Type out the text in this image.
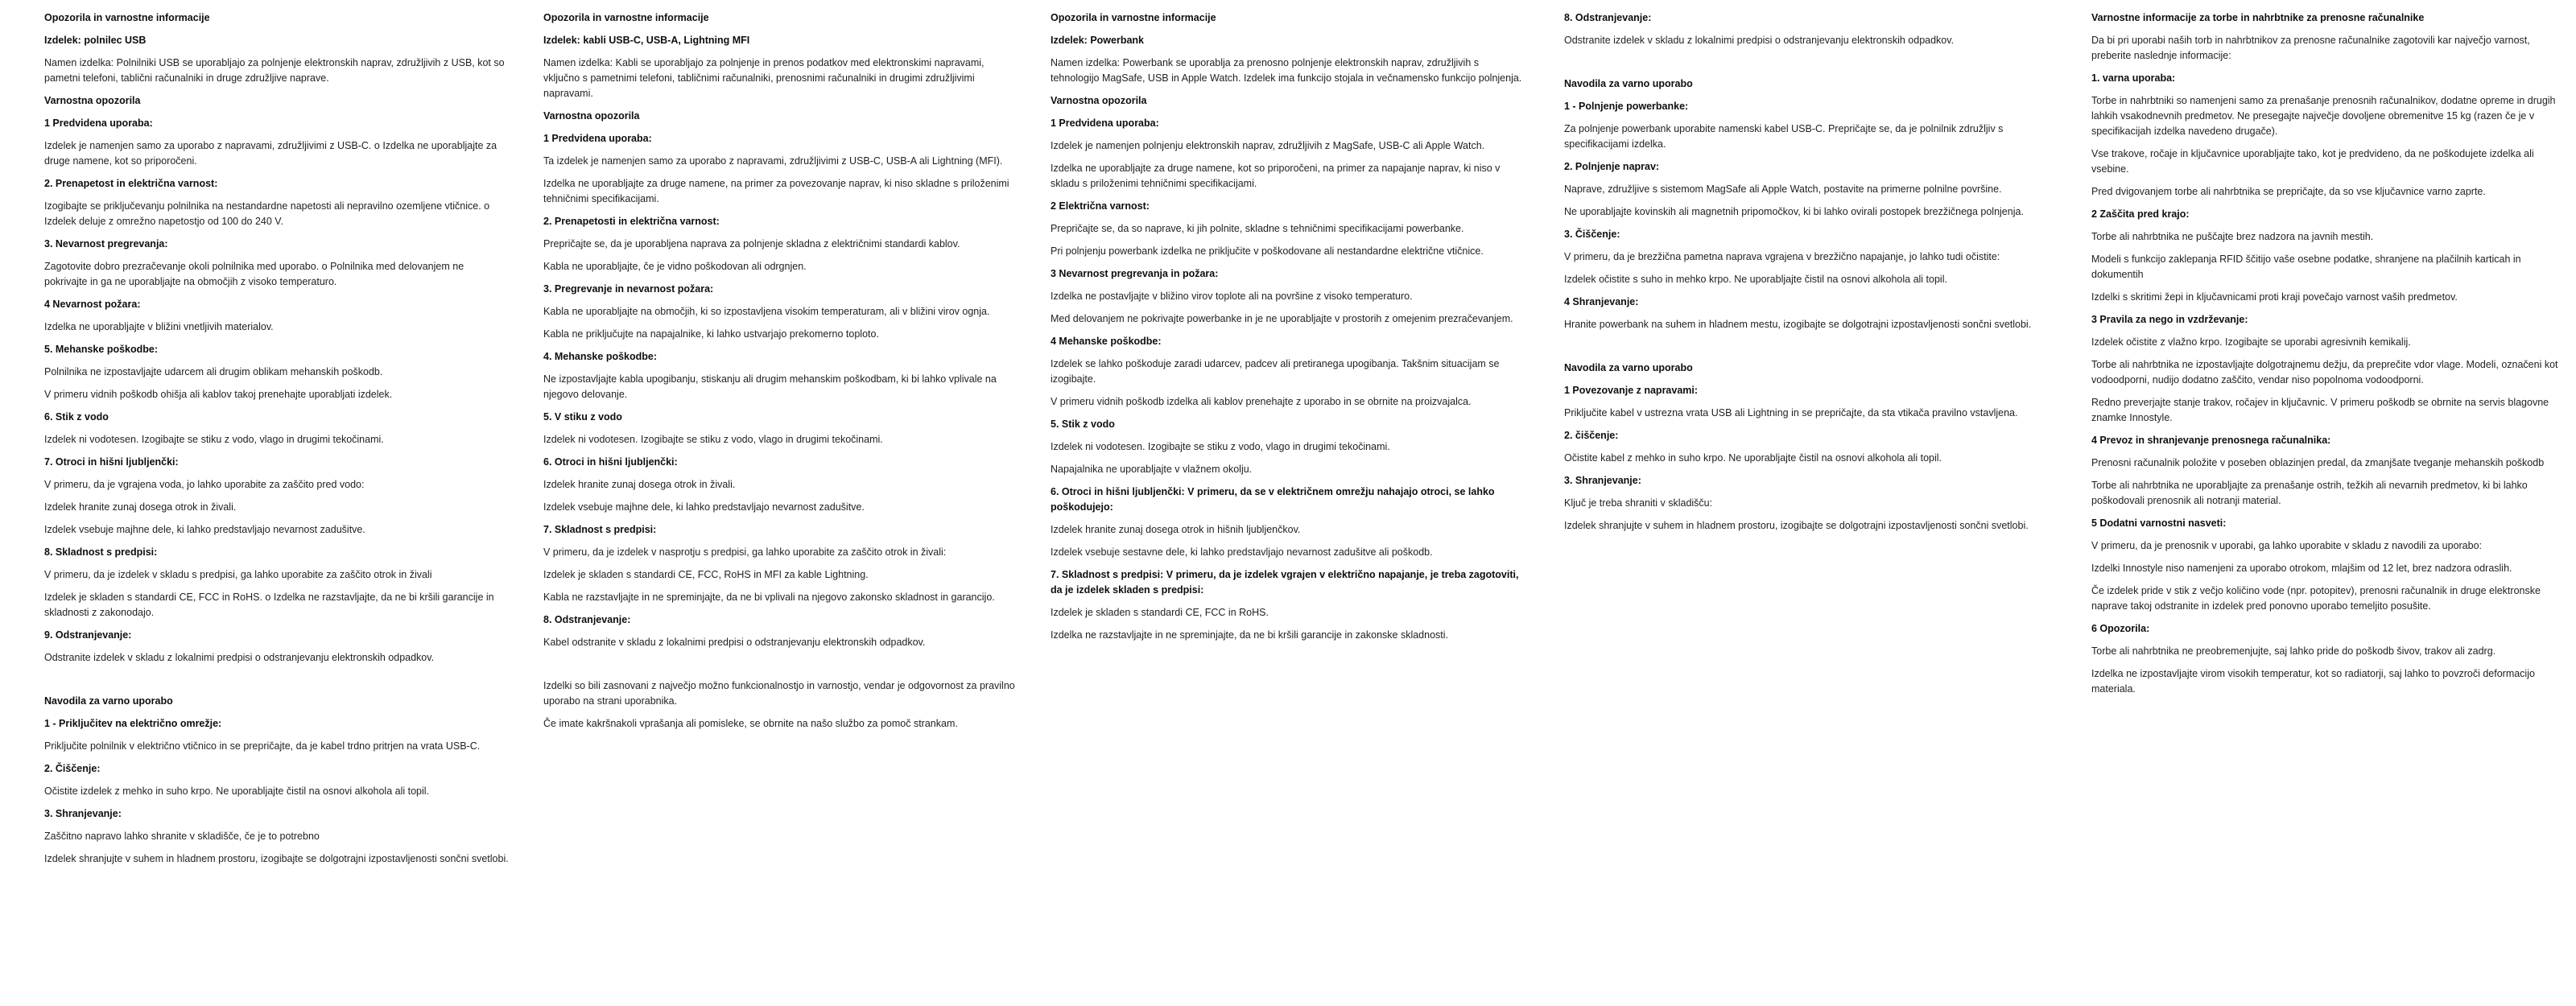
Opozorila in varnostne informacije
Izdelek: polnilec USB
Namen izdelka: Polnilniki USB se uporabljajo za polnjenje elektronskih naprav, združljivih z USB, kot so pametni telefoni, tablični računalniki in druge združljive naprave.
Varnostna opozorila
1 Predvidena uporaba:
Izdelek je namenjen samo za uporabo z napravami, združljivimi z USB-C. o Izdelka ne uporabljajte za druge namene, kot so priporočeni.
2. Prenapetost in električna varnost:
Izogibajte se priključevanju polnilnika na nestandardne napetosti ali nepravilno ozemljene vtičnice. o Izdelek deluje z omrežno napetostjo od 100 do 240 V.
3. Nevarnost pregrevanja:
Zagotovite dobro prezračevanje okoli polnilnika med uporabo. o Polnilnika med delovanjem ne pokrivajte in ga ne uporabljajte na območjih z visoko temperaturo.
4 Nevarnost požara:
Izdelka ne uporabljajte v bližini vnetljivih materialov.
5. Mehanske poškodbe:
Polnilnika ne izpostavljajte udarcem ali drugim oblikam mehanskih poškodb.
V primeru vidnih poškodb ohišja ali kablov takoj prenehajte uporabljati izdelek.
6. Stik z vodo
Izdelek ni vodotesen. Izogibajte se stiku z vodo, vlago in drugimi tekočinami.
7. Otroci in hišni ljubljenčki:
V primeru, da je vgrajena voda, jo lahko uporabite za zaščito pred vodo:
Izdelek hranite zunaj dosega otrok in živali.
Izdelek vsebuje majhne dele, ki lahko predstavljajo nevarnost zadušitve.
8. Skladnost s predpisi:
V primeru, da je izdelek v skladu s predpisi, ga lahko uporabite za zaščito otrok in živali
Izdelek je skladen s standardi CE, FCC in RoHS. o Izdelka ne razstavljajte, da ne bi kršili garancije in skladnosti z zakonodajo.
9. Odstranjevanje:
Odstranite izdelek v skladu z lokalnimi predpisi o odstranjevanju elektronskih odpadkov.
Navodila za varno uporabo
1 - Priključitev na električno omrežje:
Priključite polnilnik v električno vtičnico in se prepričajte, da je kabel trdno pritrjen na vrata USB-C.
2. Čiščenje:
Očistite izdelek z mehko in suho krpo. Ne uporabljajte čistil na osnovi alkohola ali topil.
3. Shranjevanje:
Zaščitno napravo lahko shranite v skladišče, če je to potrebno
Izdelek shranjujte v suhem in hladnem prostoru, izogibajte se dolgotrajni izpostavljenosti sončni svetlobi.
Opozorila in varnostne informacije
Izdelek: kabli USB-C, USB-A, Lightning MFI
Namen izdelka: Kabli se uporabljajo za polnjenje in prenos podatkov med elektronskimi napravami, vključno s pametnimi telefoni, tabličnimi računalniki, prenosnimi računalniki in drugimi združljivimi napravami.
Varnostna opozorila
1 Predvidena uporaba:
Ta izdelek je namenjen samo za uporabo z napravami, združljivimi z USB-C, USB-A ali Lightning (MFI).
Izdelka ne uporabljajte za druge namene, na primer za povezovanje naprav, ki niso skladne s priloženimi tehničnimi specifikacijami.
2. Prenapetosti in električna varnost:
Prepričajte se, da je uporabljena naprava za polnjenje skladna z električnimi standardi kablov.
Kabla ne uporabljajte, če je vidno poškodovan ali odrgnjen.
3. Pregrevanje in nevarnost požara:
Kabla ne uporabljajte na območjih, ki so izpostavljena visokim temperaturam, ali v bližini virov ognja.
Kabla ne priključujte na napajalnike, ki lahko ustvarjajo prekomerno toploto.
4. Mehanske poškodbe:
Ne izpostavljajte kabla upogibanju, stiskanju ali drugim mehanskim poškodbam, ki bi lahko vplivale na njegovo delovanje.
5. V stiku z vodo
Izdelek ni vodotesen. Izogibajte se stiku z vodo, vlago in drugimi tekočinami.
6. Otroci in hišni ljubljenčki:
Izdelek hranite zunaj dosega otrok in živali.
Izdelek vsebuje majhne dele, ki lahko predstavljajo nevarnost zadušitve.
7. Skladnost s predpisi:
V primeru, da je izdelek v nasprotju s predpisi, ga lahko uporabite za zaščito otrok in živali:
Izdelek je skladen s standardi CE, FCC, RoHS in MFI za kable Lightning.
Kabla ne razstavljajte in ne spreminjajte, da ne bi vplivali na njegovo zakonsko skladnost in garancijo.
8. Odstranjevanje:
Kabel odstranite v skladu z lokalnimi predpisi o odstranjevanju elektronskih odpadkov.
Izdelki so bili zasnovani z največjo možno funkcionalnostjo in varnostjo, vendar je odgovornost za pravilno uporabo na strani uporabnika.
Če imate kakršnakoli vprašanja ali pomisleke, se obrnite na našo službo za pomoč strankam.
Opozorila in varnostne informacije
Izdelek: Powerbank
Namen izdelka: Powerbank se uporablja za prenosno polnjenje elektronskih naprav, združljivih s tehnologijo MagSafe, USB in Apple Watch. Izdelek ima funkcijo stojala in večnamensko funkcijo polnjenja.
Varnostna opozorila
1 Predvidena uporaba:
Izdelek je namenjen polnjenju elektronskih naprav, združljivih z MagSafe, USB-C ali Apple Watch.
Izdelka ne uporabljajte za druge namene, kot so priporočeni, na primer za napajanje naprav, ki niso v skladu s priloženimi tehničnimi specifikacijami.
2 Električna varnost:
Prepričajte se, da so naprave, ki jih polnite, skladne s tehničnimi specifikacijami powerbanke.
Pri polnjenju powerbank izdelka ne priključite v poškodovane ali nestandardne električne vtičnice.
3 Nevarnost pregrevanja in požara:
Izdelka ne postavljajte v bližino virov toplote ali na površine z visoko temperaturo.
Med delovanjem ne pokrivajte powerbanke in je ne uporabljajte v prostorih z omejenim prezračevanjem.
4 Mehanske poškodbe:
Izdelek se lahko poškoduje zaradi udarcev, padcev ali pretiranega upogibanja. Takšnim situacijam se izogibajte.
V primeru vidnih poškodb izdelka ali kablov prenehajte z uporabo in se obrnite na proizvajalca.
5. Stik z vodo
Izdelek ni vodotesen. Izogibajte se stiku z vodo, vlago in drugimi tekočinami.
Napajalnika ne uporabljajte v vlažnem okolju.
6. Otroci in hišni ljubljenčki: V primeru, da se v električnem omrežju nahajajo otroci, se lahko poškodujejo:
Izdelek hranite zunaj dosega otrok in hišnih ljubljenčkov.
Izdelek vsebuje sestavne dele, ki lahko predstavljajo nevarnost zadušitve ali poškodb.
7. Skladnost s predpisi: V primeru, da je izdelek vgrajen v električno napajanje, je treba zagotoviti, da je izdelek skladen s predpisi:
Izdelek je skladen s standardi CE, FCC in RoHS.
Izdelka ne razstavljajte in ne spreminjajte, da ne bi kršili garancije in zakonske skladnosti.
8. Odstranjevanje:
Odstranite izdelek v skladu z lokalnimi predpisi o odstranjevanju elektronskih odpadkov.
Navodila za varno uporabo
1 - Polnjenje powerbanke:
Za polnjenje powerbank uporabite namenski kabel USB-C. Prepričajte se, da je polnilnik združljiv s specifikacijami izdelka.
2. Polnjenje naprav:
Naprave, združljive s sistemom MagSafe ali Apple Watch, postavite na primerne polnilne površine.
Ne uporabljajte kovinskih ali magnetnih pripomočkov, ki bi lahko ovirali postopek brezžičnega polnjenja.
3. Čiščenje:
V primeru, da je brezžična pametna naprava vgrajena v brezžično napajanje, jo lahko tudi očistite:
Izdelek očistite s suho in mehko krpo. Ne uporabljajte čistil na osnovi alkohola ali topil.
4 Shranjevanje:
Hranite powerbank na suhem in hladnem mestu, izogibajte se dolgotrajni izpostavljenosti sončni svetlobi.
Navodila za varno uporabo
1 Povezovanje z napravami:
Priključite kabel v ustrezna vrata USB ali Lightning in se prepričajte, da sta vtikača pravilno vstavljena.
2. čiščenje:
Očistite kabel z mehko in suho krpo. Ne uporabljajte čistil na osnovi alkohola ali topil.
3. Shranjevanje:
Ključ je treba shraniti v skladišču:
Izdelek shranjujte v suhem in hladnem prostoru, izogibajte se dolgotrajni izpostavljenosti sončni svetlobi.
Varnostne informacije za torbe in nahrbtnike za prenosne računalnike
Da bi pri uporabi naših torb in nahrbtnikov za prenosne računalnike zagotovili kar največjo varnost, preberite naslednje informacije:
1. varna uporaba:
Torbe in nahrbtniki so namenjeni samo za prenašanje prenosnih računalnikov, dodatne opreme in drugih lahkih vsakodnevnih predmetov. Ne presegajte največje dovoljene obremenitve 15 kg (razen če je v specifikacijah izdelka navedeno drugače).
Vse trakove, ročaje in ključavnice uporabljajte tako, kot je predvideno, da ne poškodujete izdelka ali vsebine.
Pred dvigovanjem torbe ali nahrbtnika se prepričajte, da so vse ključavnice varno zaprte.
2 Zaščita pred krajo:
Torbe ali nahrbtnika ne puščajte brez nadzora na javnih mestih.
Modeli s funkcijo zaklepanja RFID ščitijo vaše osebne podatke, shranjene na plačilnih karticah in dokumentih
Izdelki s skritimi žepi in ključavnicami proti kraji povečajo varnost vaših predmetov.
3 Pravila za nego in vzdrževanje:
Izdelek očistite z vlažno krpo. Izogibajte se uporabi agresivnih kemikalij.
Torbe ali nahrbtnika ne izpostavljajte dolgotrajnemu dežju, da preprečite vdor vlage. Modeli, označeni kot vodoodporni, nudijo dodatno zaščito, vendar niso popolnoma vodoodporni.
Redno preverjajte stanje trakov, ročajev in ključavnic. V primeru poškodb se obrnite na servis blagovne znamke Innostyle.
4 Prevoz in shranjevanje prenosnega računalnika:
Prenosni računalnik položite v poseben oblazinjen predal, da zmanjšate tveganje mehanskih poškodb
Torbe ali nahrbtnika ne uporabljajte za prenašanje ostrih, težkih ali nevarnih predmetov, ki bi lahko poškodovali prenosnik ali notranji material.
5 Dodatni varnostni nasveti:
V primeru, da je prenosnik v uporabi, ga lahko uporabite v skladu z navodili za uporabo:
Izdelki Innostyle niso namenjeni za uporabo otrokom, mlajšim od 12 let, brez nadzora odraslih.
Če izdelek pride v stik z večjo količino vode (npr. potopitev), prenosni računalnik in druge elektronske naprave takoj odstranite in izdelek pred ponovno uporabo temeljito posušite.
6 Opozorila:
Torbe ali nahrbtnika ne preobremenjujte, saj lahko pride do poškodb šivov, trakov ali zadrg.
Izdelka ne izpostavljajte virom visokih temperatur, kot so radiatorji, saj lahko to povzroči deformacijo materiala.
